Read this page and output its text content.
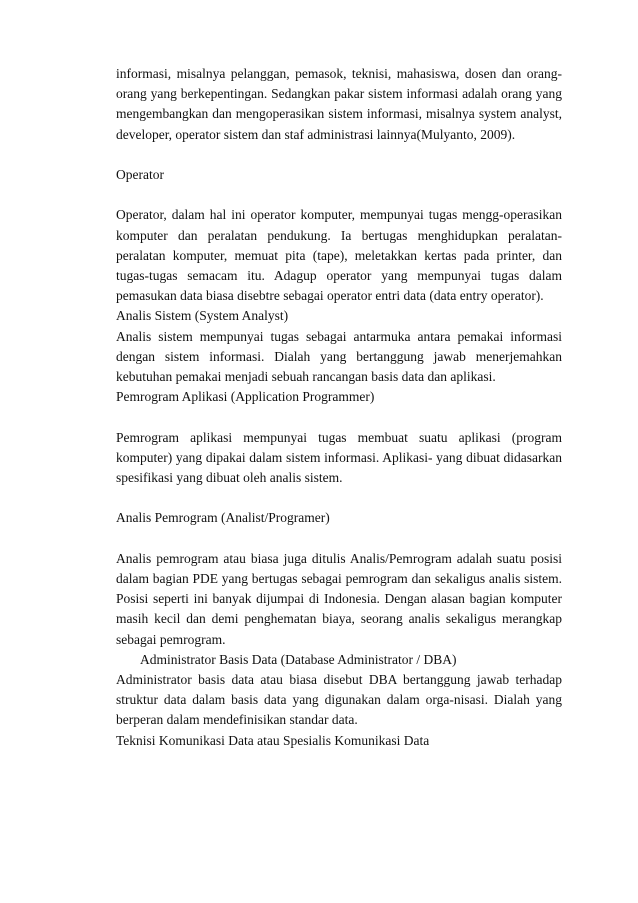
informasi, misalnya pelanggan, pemasok, teknisi, mahasiswa, dosen dan orang-orang yang berkepentingan. Sedangkan pakar sistem informasi adalah orang yang mengembangkan dan mengoperasikan sistem informasi, misalnya system analyst, developer, operator sistem dan staf administrasi lainnya(Mulyanto, 2009).

Operator

Operator, dalam hal ini operator komputer, mempunyai tugas mengg-operasikan komputer dan peralatan pendukung. Ia bertugas menghidupkan peralatan-peralatan komputer, memuat pita (tape), meletakkan kertas pada printer, dan tugas-tugas semacam itu. Adagup operator yang mempunyai tugas dalam pemasukan data biasa disebtre sebagai operator entri data (data entry operator).

Analis Sistem (System Analyst)

Analis sistem mempunyai tugas sebagai antarmuka antara pemakai informasi dengan sistem informasi. Dialah yang bertanggung jawab menerjemahkan kebutuhan pemakai menjadi sebuah rancangan basis data dan aplikasi.

Pemrogram Aplikasi (Application Programmer)

Pemrogram aplikasi mempunyai tugas membuat suatu aplikasi (program komputer) yang dipakai dalam sistem informasi. Aplikasi- yang dibuat didasarkan spesifikasi yang dibuat oleh analis sistem.

Analis Pemrogram (Analist/Programer)

Analis pemrogram atau biasa juga ditulis Analis/Pemrogram adalah suatu posisi dalam bagian PDE yang bertugas sebagai pemrogram dan sekaligus analis sistem. Posisi seperti ini banyak dijumpai di Indonesia. Dengan alasan bagian komputer masih kecil dan demi penghematan biaya, seorang analis sekaligus merangkap sebagai pemrogram.

Administrator Basis Data (Database Administrator / DBA)

Administrator basis data atau biasa disebut DBA bertanggung jawab terhadap struktur data dalam basis data yang digunakan dalam orga-nisasi. Dialah yang berperan dalam mendefinisikan standar data.

Teknisi Komunikasi Data atau Spesialis Komunikasi Data
